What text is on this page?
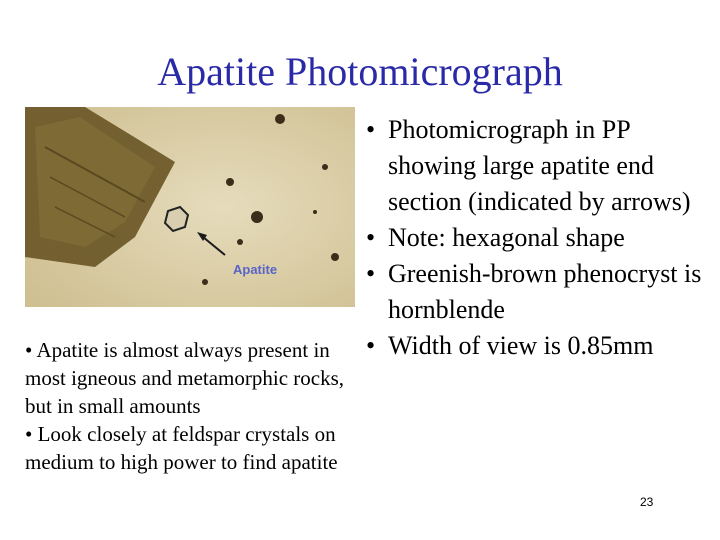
Apatite Photomicrograph
Apatite
• Photomicrograph in PP showing large apatite end section (indicated by arrows)
• Note: hexagonal shape
• Greenish-brown phenocryst is hornblende
• Width of view is 0.85mm

• Apatite is almost always present in most igneous and metamorphic rocks, but in small amounts

• Look closely at feldspar crystals on medium to high power to find apatite

23
